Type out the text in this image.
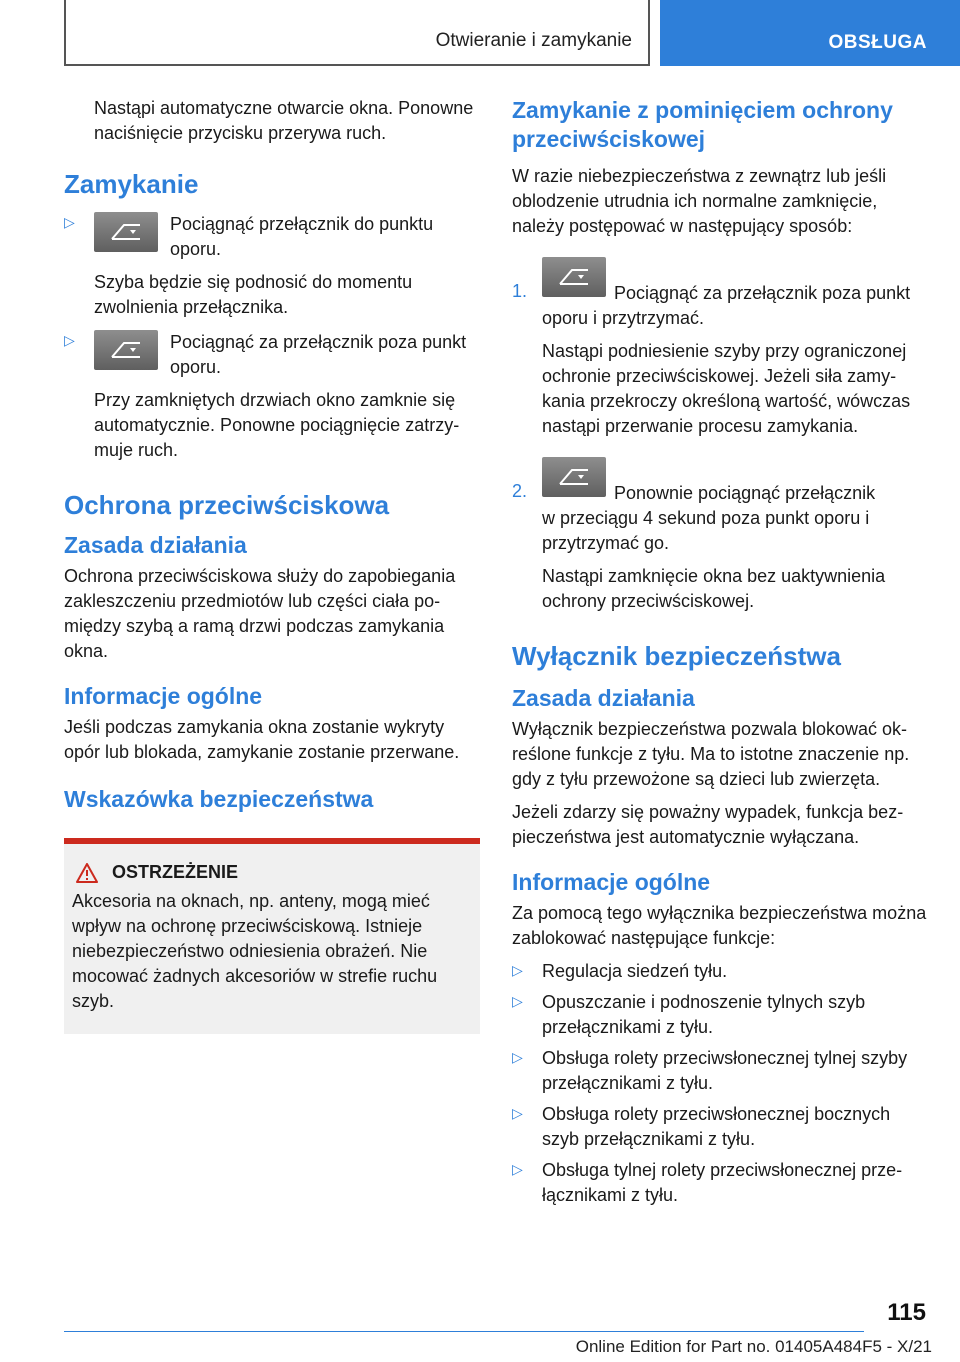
Otwieranie i zamykanie	OBSŁUGA

Nastąpi automatyczne otwarcie okna. Ponowne naciśnięcie przycisku przerywa ruch.

Zamykanie
▷	Pociągnąć przełącznik do punktu oporu.

Szyba będzie się podnosić do momentu zwolnienia przełącznika.

▷	Pociągnąć za przełącznik poza punkt oporu.

Przy zamkniętych drzwiach okno zamknie się automatycznie. Ponowne pociągnięcie zatrzymuje ruch.

Ochrona przeciwściskowa
Zasada działania

Ochrona przeciwściskowa służy do zapobiegania zakleszczeniu przedmiotów lub części ciała pomiędzy szybą a ramą drzwi podczas zamykania okna.

Informacje ogólne

Jeśli podczas zamykania okna zostanie wykryty opór lub blokada, zamykanie zostanie przerwane.

Wskazówka bezpieczeństwa
OSTRZEŻENIE

Akcesoria na oknach, np. anteny, mogą mieć wpływ na ochronę przeciwściskową. Istnieje niebezpieczeństwo odniesienia obrażeń. Nie mocować żadnych akcesoriów w strefie ruchu szyb.

Zamykanie z pominięciem ochrony przeciwściskowej

W razie niebezpieczeństwa z zewnątrz lub jeśli oblodzenie utrudnia ich normalne zamknięcie, należy postępować w następujący sposób:

1.	Pociągnąć za przełącznik poza punkt

oporu i przytrzymać.

Nastąpi podniesienie szyby przy ograniczonej ochronie przeciwściskowej. Jeżeli siła zamykania przekroczy określoną wartość, wówczas nastąpi przerwanie procesu zamykania.

2.	Ponownie pociągnąć przełącznik

w przeciągu 4 sekund poza punkt oporu i przytrzymać go.

Nastąpi zamknięcie okna bez uaktywnienia ochrony przeciwściskowej.

Wyłącznik bezpieczeństwa
Zasada działania

Wyłącznik bezpieczeństwa pozwala blokować określone funkcje z tyłu. Ma to istotne znaczenie np. gdy z tyłu przewożone są dzieci lub zwierzęta.

Jeżeli zdarzy się poważny wypadek, funkcja bezpieczeństwa jest automatycznie wyłączana.

Informacje ogólne

Za pomocą tego wyłącznika bezpieczeństwa można zablokować następujące funkcje:

▷ Regulacja siedzeń tyłu.

▷ Opuszczanie i podnoszenie tylnych szyb przełącznikami z tyłu.

▷ Obsługa rolety przeciwsłonecznej tylnej szyby przełącznikami z tyłu.

▷ Obsługa rolety przeciwsłonecznej bocznych szyb przełącznikami z tyłu.

▷ Obsługa tylnej rolety przeciwsłonecznej przełącznikami z tyłu.

115
Online Edition for Part no. 01405A484F5 - X/21
